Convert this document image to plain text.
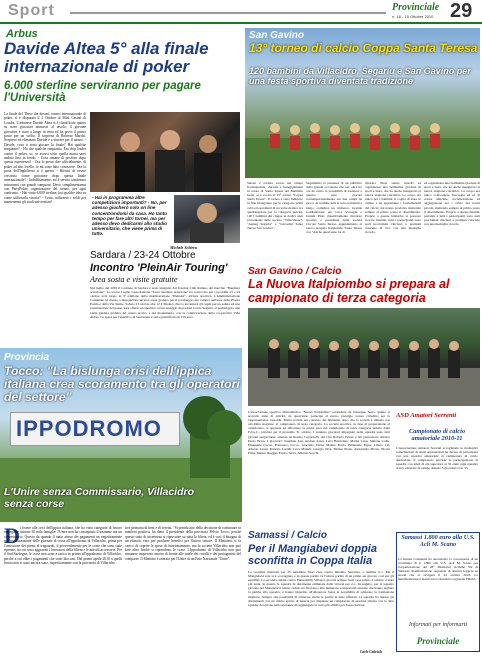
Sport	Provinciale
n. 18 - 15 Ottobre 2010 29
Arbus
Davide Altea 5° alla finale internazionale di poker
6.000 sterline serviranno per pagare l'Università
La finale del 'Drive the dream', torneo internazionale di poker, si è disputata il 2 Ottobre al Mint Casinò di Londra. L'arburese Davide Altea si è classificato quinto su nove giocatori ammessi al tavolo; il giovane giocatore è stato a lungo in testa ed ha perso il primo posto per un soffio. Il sorpresa di Roberto Marchi. Sorpreso ed eliminato Davide è a vincere per il torneo. - Davide, cosa ti stato giocare la finale? Hai qualche rimpianto? - Ho che qualche rimpianto. Era chip leader contro il poker, so, se avessi visto quella mano sarei andato fino in fondo. - Cosa rimane di positivo dopo questa esperienza? - Ora lo posso dire ufficialmente, di poker ad alto livello, io mi sono fatto conoscere. Ora la porta dell'Inghilterra si è aperta. - Riferiti di essere cresciuto come giocatore dopo questa finale internazionale? - Indubbiamente, mi è servito tantissimo misurarmi con grandi campioni. Devo complimentarmi con PartyPoker, organizzatore del torneo, per ogni confronto. - Hai vinto 6.000 sterline, hai qualche idea su come utilizzarla vincita? - Certo, utilizzerò i soldi per mantenermi gli studi universitari!
- Hai in programma altre competizioni importanti? - No, per adesso giocherò solo on line concentrandomi da casa. Ho tanto tempo per fare altri tornei, ma per adesso devo dedicarmi allo studio universitario, che viene prima di tutto.
Michele Schirru
Sardara / 23-24 Ottobre
Incontro 'PleinAir Touring'
Area sosta e visite gratuite
Nel luglio del 2005 il Comune di Sardara è stato insignito dal Touring Club Italiano del marchio "Bandiera arancione". Lo scorso Luglio l'associazione "Terre bandiere arancione" ha convocato per i prossimi 23 e 24 ottobre avrà luogo la 3ª edizione della manifestazione "PleinAir", all'area sportiva. L'Amministrazione Comunale ha messo a disposizione un'area sosta gratuita per il parcheggio dei camper nell'area della Piazza Podda e della Via Terme. Sabato 23 ottobre alle 12 il Sindaco Zucca incontrerà gli ospiti per un saluto ed una presentazione del paese, sarà offerto un aperitivo ed un assaggio di prodotti locali. Seguirà, al pomeriggio, una visita guidata gratuita del centro storico e del monumento, con la collaborazione della cooperativa Villa Abbas. La spesa per l'aperitivo di benvenuto è stata quantificata in 150 euro.
Provincia
Tocco: "La bislunga crisi dell'ippica italiana crea scoramento tra gli operatori del settore"
IPPODROMO
L'Unire senza Commissario, Villacidro senza corse
D i fronte alla crisi dell'ippica italiana, che ha visto categorie di lavoro impegnate intorno 50 mila famiglie, l'Unire non ha consegnato il unanime ma un commissario. Questo da quando il tanto atteso dei pagamenti un negativamente sull'organizzazione delle giornate di corsa all'ippodromo di Villacidro, prima per l'omissione dei premi al traguardo, il provvedimento per le corse che sono state ripetute, tra cui sono aggravati i lavoratori della filiera e le attività accessorie. Per il Sud Sardegna, le corse non sono a carico in primis all'ippodromo di Villacidro, perché a cui ebbe i pagamenti che sono bloccati. Dal primo aprile 2010 a quelli finora non si sono ancora state, rispettivamente con la provincia di Villacidro.
tive primaria di beni e di servizi. "Si prenda atto della decisione di continuare in maniera positiva, ha detto il presidente della provincia Pelvio Tocco, perché questo stato di incertezza si ripercuote su tutta la filiera, ed è così il bisogno di un rilancio vero per produrre benefici per l'intero settore. Il Ministero si fa carico di coprire le spese di funzionamento, ma la società Villacidro non può fare altro finché si riprendono le corse. L'ippodromo di Villacidro non può rimanere inoperoso ancora di fronte alle tutele dei cavalli e dei protagonisti del comparto. Il Ministro è onerato per l'Unire di un Ente Nazionale "Unire".
San Gavino
13° torneo di calcio Coppa Santa Teresa
120 bambini da Villacidro, Segariu e San Gavino per una festa sportiva diventata tradizione
Sabato 2 ottobre scorso nel campo frontespedale, durante i festeggiamenti in onore di Santa Teresa del Bambino Gesù, si è svolto il 13° torneo "Coppa Santa Teresa". Il torneo è stato indirizzo in fine triangolare per le categorie primi calci ed esordienti di tra volte molteo ora quadrangolare per la categoria pulcini. 120 i bambini dai cinque ai dodici anni provenienti dalle società "Villacidrese", "Asmeg Segariu" e "Gioventù Santa Teresa San Gavino".
Seguitiamo la presenza di un pubblico della grande occasione che per oltre tre ore ha avuto la possibilità di assistere a quattro gare giocate contemporaneamente sui due campi da gioco. Al termine tutti si sono trattenuti a lungo, complice un rinfresco. Grande soddisfazione per Luca Vacargiu e Gianni Piras rispettivamente direttore sportivo e presidente della società Circolo Santa Teresa, appuntamento al nuovo progetto Italpiombo Santa Teresa con "Anche quest'anno ha di
chiarato Piras siamo riusciti ad organizzare una bellissima giornata di sport e festa, che ha anche inaugurato la nuova stagione calcistica. Lo scopo era unico per i bambini la voglia di stare in campo e ad apprendere i fondamentali del calcio; dal nostro prodotto, mettendo sempre al primo posto il divertimento. Proprio a queste iniziative si possono trovare risultati, tutti i partecipanti sono stati proclamati vincitori e premiati ciascuno di loro con una medaglia ricordo.
ed organizzare una bellissima giornata di sport e festa, che ha anche inaugurato la nuova stagione calcistica. Lo scopo era unico coinvolgere Vaccargiu ed ex di creare amicizie, socializzazione ed aggregazione per i calcio dei nostri piccoli, mettendo sempre al primo posto il divertimento. Proprio a queste finalità, pertanto a tutti i partecipanti sono stati proclamati vincitori e premiati ciascuno con una medaglia ricordo.
San Gavino / Calcio
La Nuova Italpiombo si prepara al campionato di terza categoria
L'associazione sportiva dilettantistica "Nuova Italpiombo" presieduta da Giuseppe Serra, giunta al secondo anno di attività, da quest'anno partecipa al nuovo prestigio torneo cittadino per la rappresentanza rossoblù. Prima società nel contesto dei dilettanti, dopo che la società è rimasta con un'ottima stagione, al campionato di terza categoria. La società sportiva, in fase di preparazione al campionato, si appresta ad affrontare la prima gara del campionato di terza categoria indetta dalla F.I.G.C., prevista per il prossimo 31 ottobre. I ventuno giocatori impegnati nella squadra sono tutti giovani sangavinesi, allenati da Renato Coppotelli, dal vice Roberto Ennas e dal preparatore atletico Paolo Bonu. I giocatori: Jonathan Aru, Andrea Atzei, Luca Belvedere, Mattia Casu, Simone Collu, Emanuele Cuccu, Francesco Cocco, Giacomo Fanni, Matteo Ferris, Emanuele Figus, Libero Lai, Alberto Leoni, Roberto Lorddi, Luca Manuli, Giorgio Orrù, Matteo Piano, Alessandro Pitzus, Nicola Pitzu, Matteo Ruggiu, Enrico Serra, Antonio Secchi.
ASD Amatori Serrenti
Campionato di calcio amatoriale 2010-11
L'Associazione Amatori Serrenti accogliendo le molteplici sollecitazioni di atleti appassionati ha deciso di partecipare con una squadra amatoriale al campionato di calcio amatoriale. Il campionato prevede la partecipazione di squadre con atleti di età superiore ai 35 anni; ogni squadra dovrà schierare in campo almeno 5 giocatori over 35.
Samassi / Calcio
Per il Mangiabevi doppia sconfitta in Coppa Italia
La sconfitta maturata per 25 settembre fuori casa contro Dinamo Sarrabus, a termine 0-1. Ma il Mangiabevi non si è scoraggiato e in questa partita va l'ottava partita di un primo set giocato cosi per gli equilibri. La seconda, subita contro Futura2000, Villasor, giocata sempre fuori casa sabato 2 ottobre, è stata più lenta, in quanto la squadra fu duramente eliminata dalla vittoria per 2-1. In seguito, per la squadra giovane del Mangiabevi hanno ceduto un fin fresco alle numerose e importanti assenze che hanno tagliato la gamba alla squadra, e hanno impedito all'allenatore Serra la possibilità di schierare la formazione migliore. Sempre alla possibilità di schierare anche le partite in tutte ufficiali. La squadra ha ripreso gli allenamenti con un ottimo spirito di tenacia per disputare un campionato di assoluta altezza con le altre squadre del girone nella speranza di raggiungere la vetta più ambita per l'associazione.
Carlo Cabriolo
Samassi 1.800 euro alla U.S. Acli M. Scano
La Giunta Comunale ha autorizzato la concessione di un contributo di € 1.800 alla U.S. Acli M. Scano per l'organizzazione del 28° Memorial ciclismo Val di Samassi, manifestazione regionale di atletica leggera su strada che si svolgerà il 24 ottobre 2010. La manifestazione è inserita nel calendario regionale FIDAL.
Informati per informarti
Provinciale
